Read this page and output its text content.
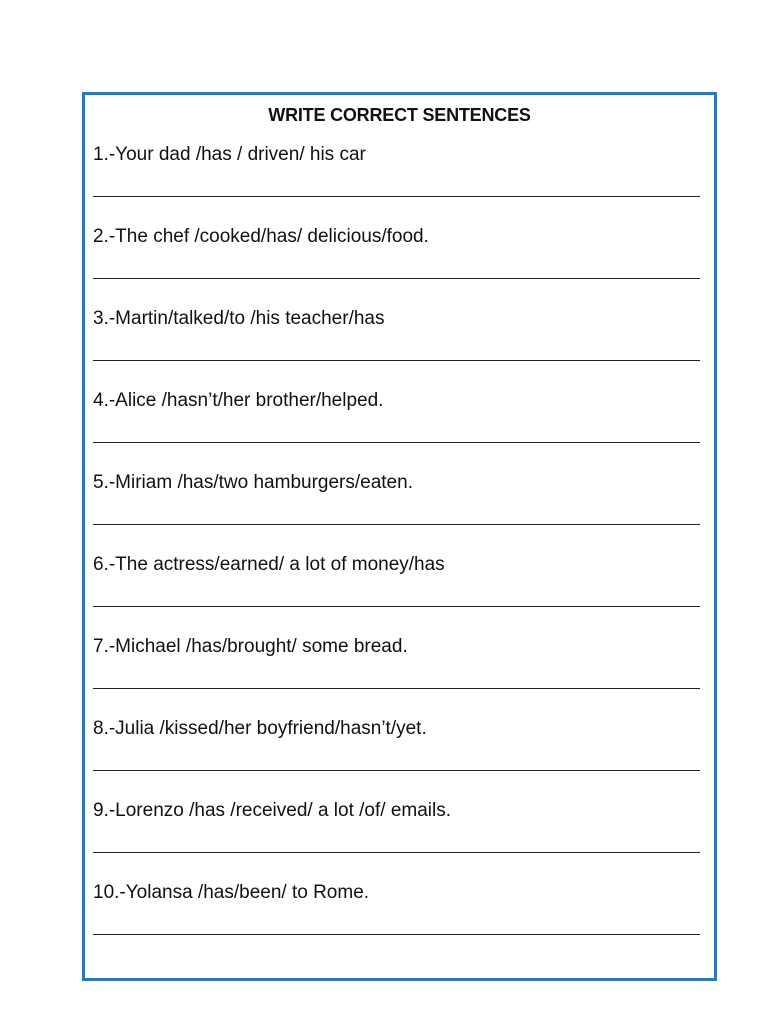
WRITE CORRECT SENTENCES
1.-Your dad /has / driven/ his car
2.-The chef /cooked/has/ delicious/food.
3.-Martin/talked/to /his teacher/has
4.-Alice /hasn’t/her brother/helped.
5.-Miriam /has/two hamburgers/eaten.
6.-The actress/earned/ a lot of money/has
7.-Michael /has/brought/ some bread.
8.-Julia /kissed/her boyfriend/hasn’t/yet.
9.-Lorenzo /has /received/ a lot /of/ emails.
10.-Yolansa /has/been/ to Rome.
